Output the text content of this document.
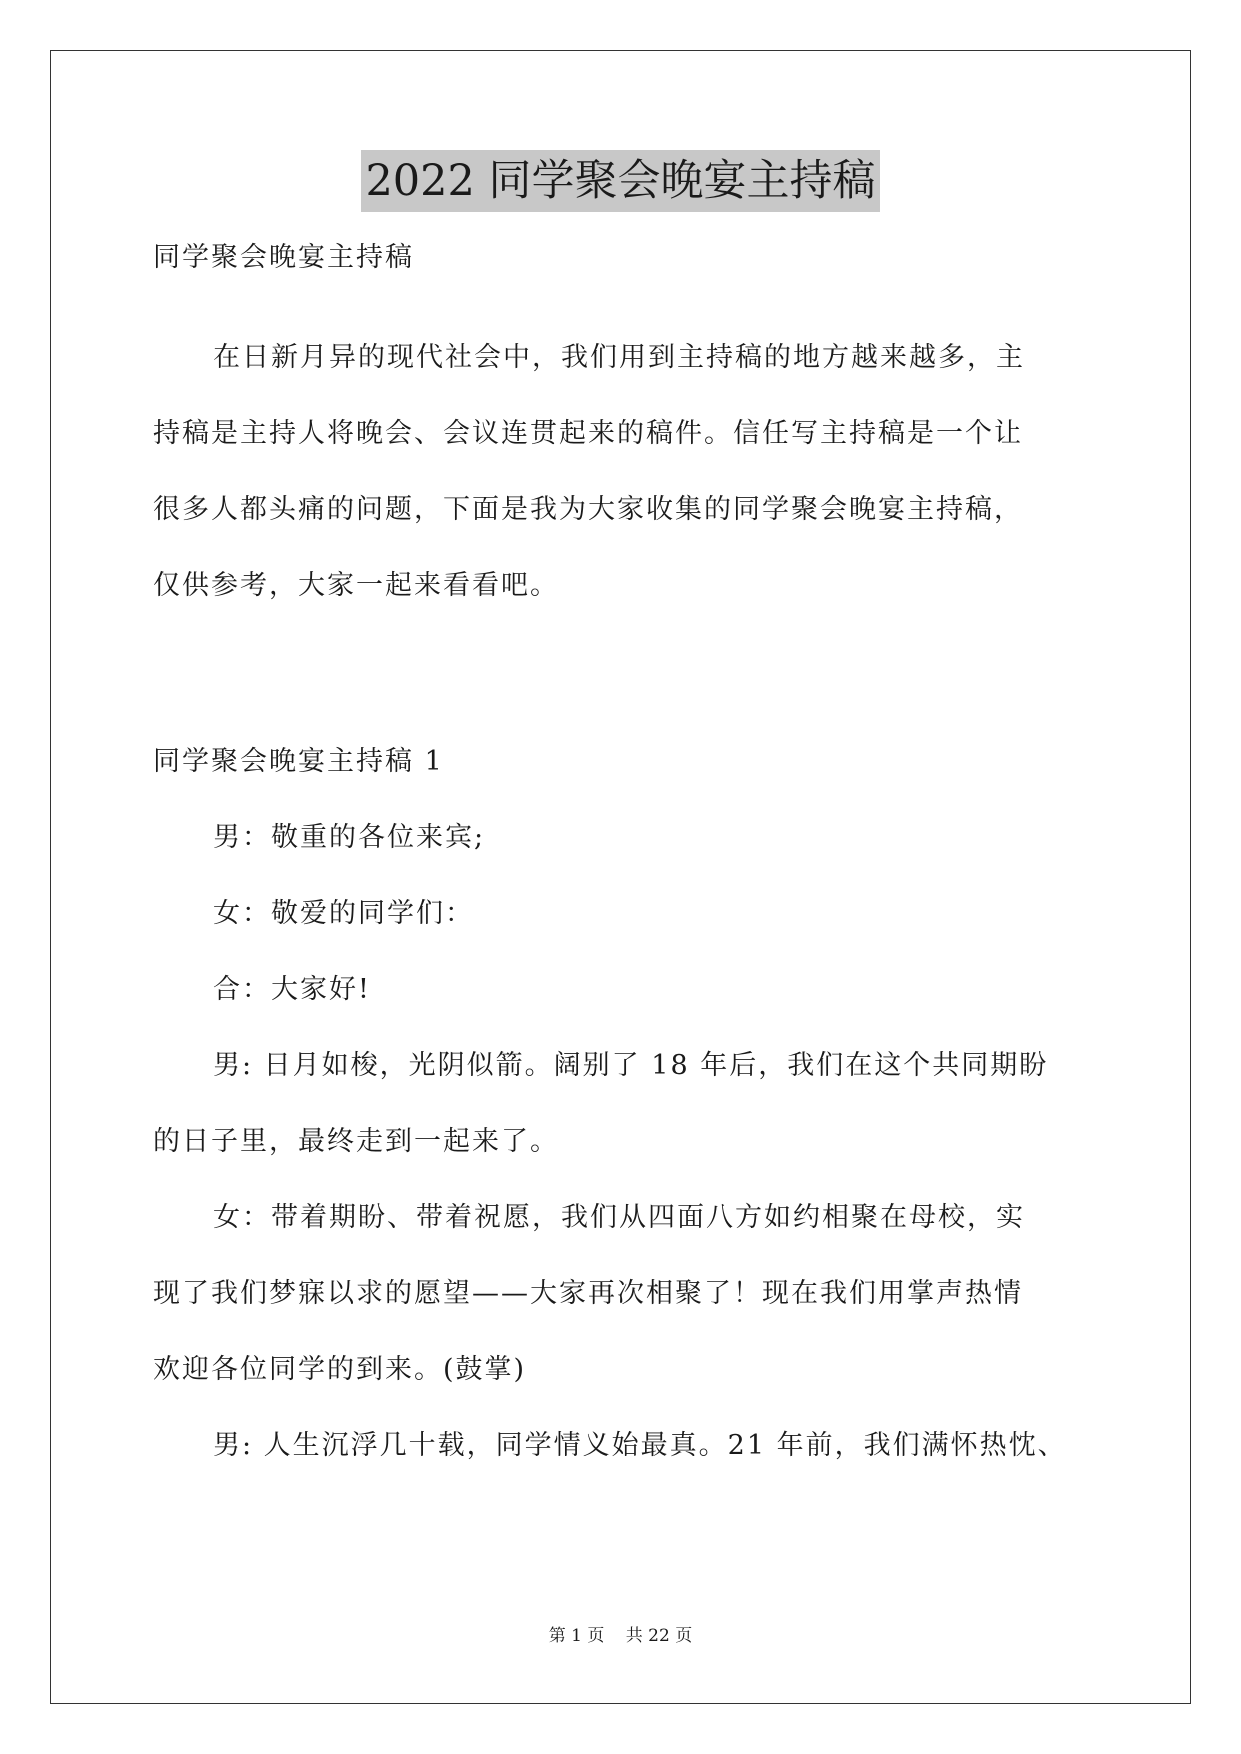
2022 同学聚会晚宴主持稿
同学聚会晚宴主持稿
在日新月异的现代社会中，我们用到主持稿的地方越来越多，主
持稿是主持人将晚会、会议连贯起来的稿件。信任写主持稿是一个让
很多人都头痛的问题，下面是我为大家收集的同学聚会晚宴主持稿，
仅供参考，大家一起来看看吧。
同学聚会晚宴主持稿 1
男：敬重的各位来宾;
女：敬爱的同学们：
合：大家好!
男: 日月如梭，光阴似箭。阔别了 18 年后，我们在这个共同期盼
的日子里，最终走到一起来了。
女：带着期盼、带着祝愿，我们从四面八方如约相聚在母校，实
现了我们梦寐以求的愿望——大家再次相聚了！现在我们用掌声热情
欢迎各位同学的到来。(鼓掌)
男: 人生沉浮几十载，同学情义始最真。21 年前，我们满怀热忱、
第 1 页 共 22 页
